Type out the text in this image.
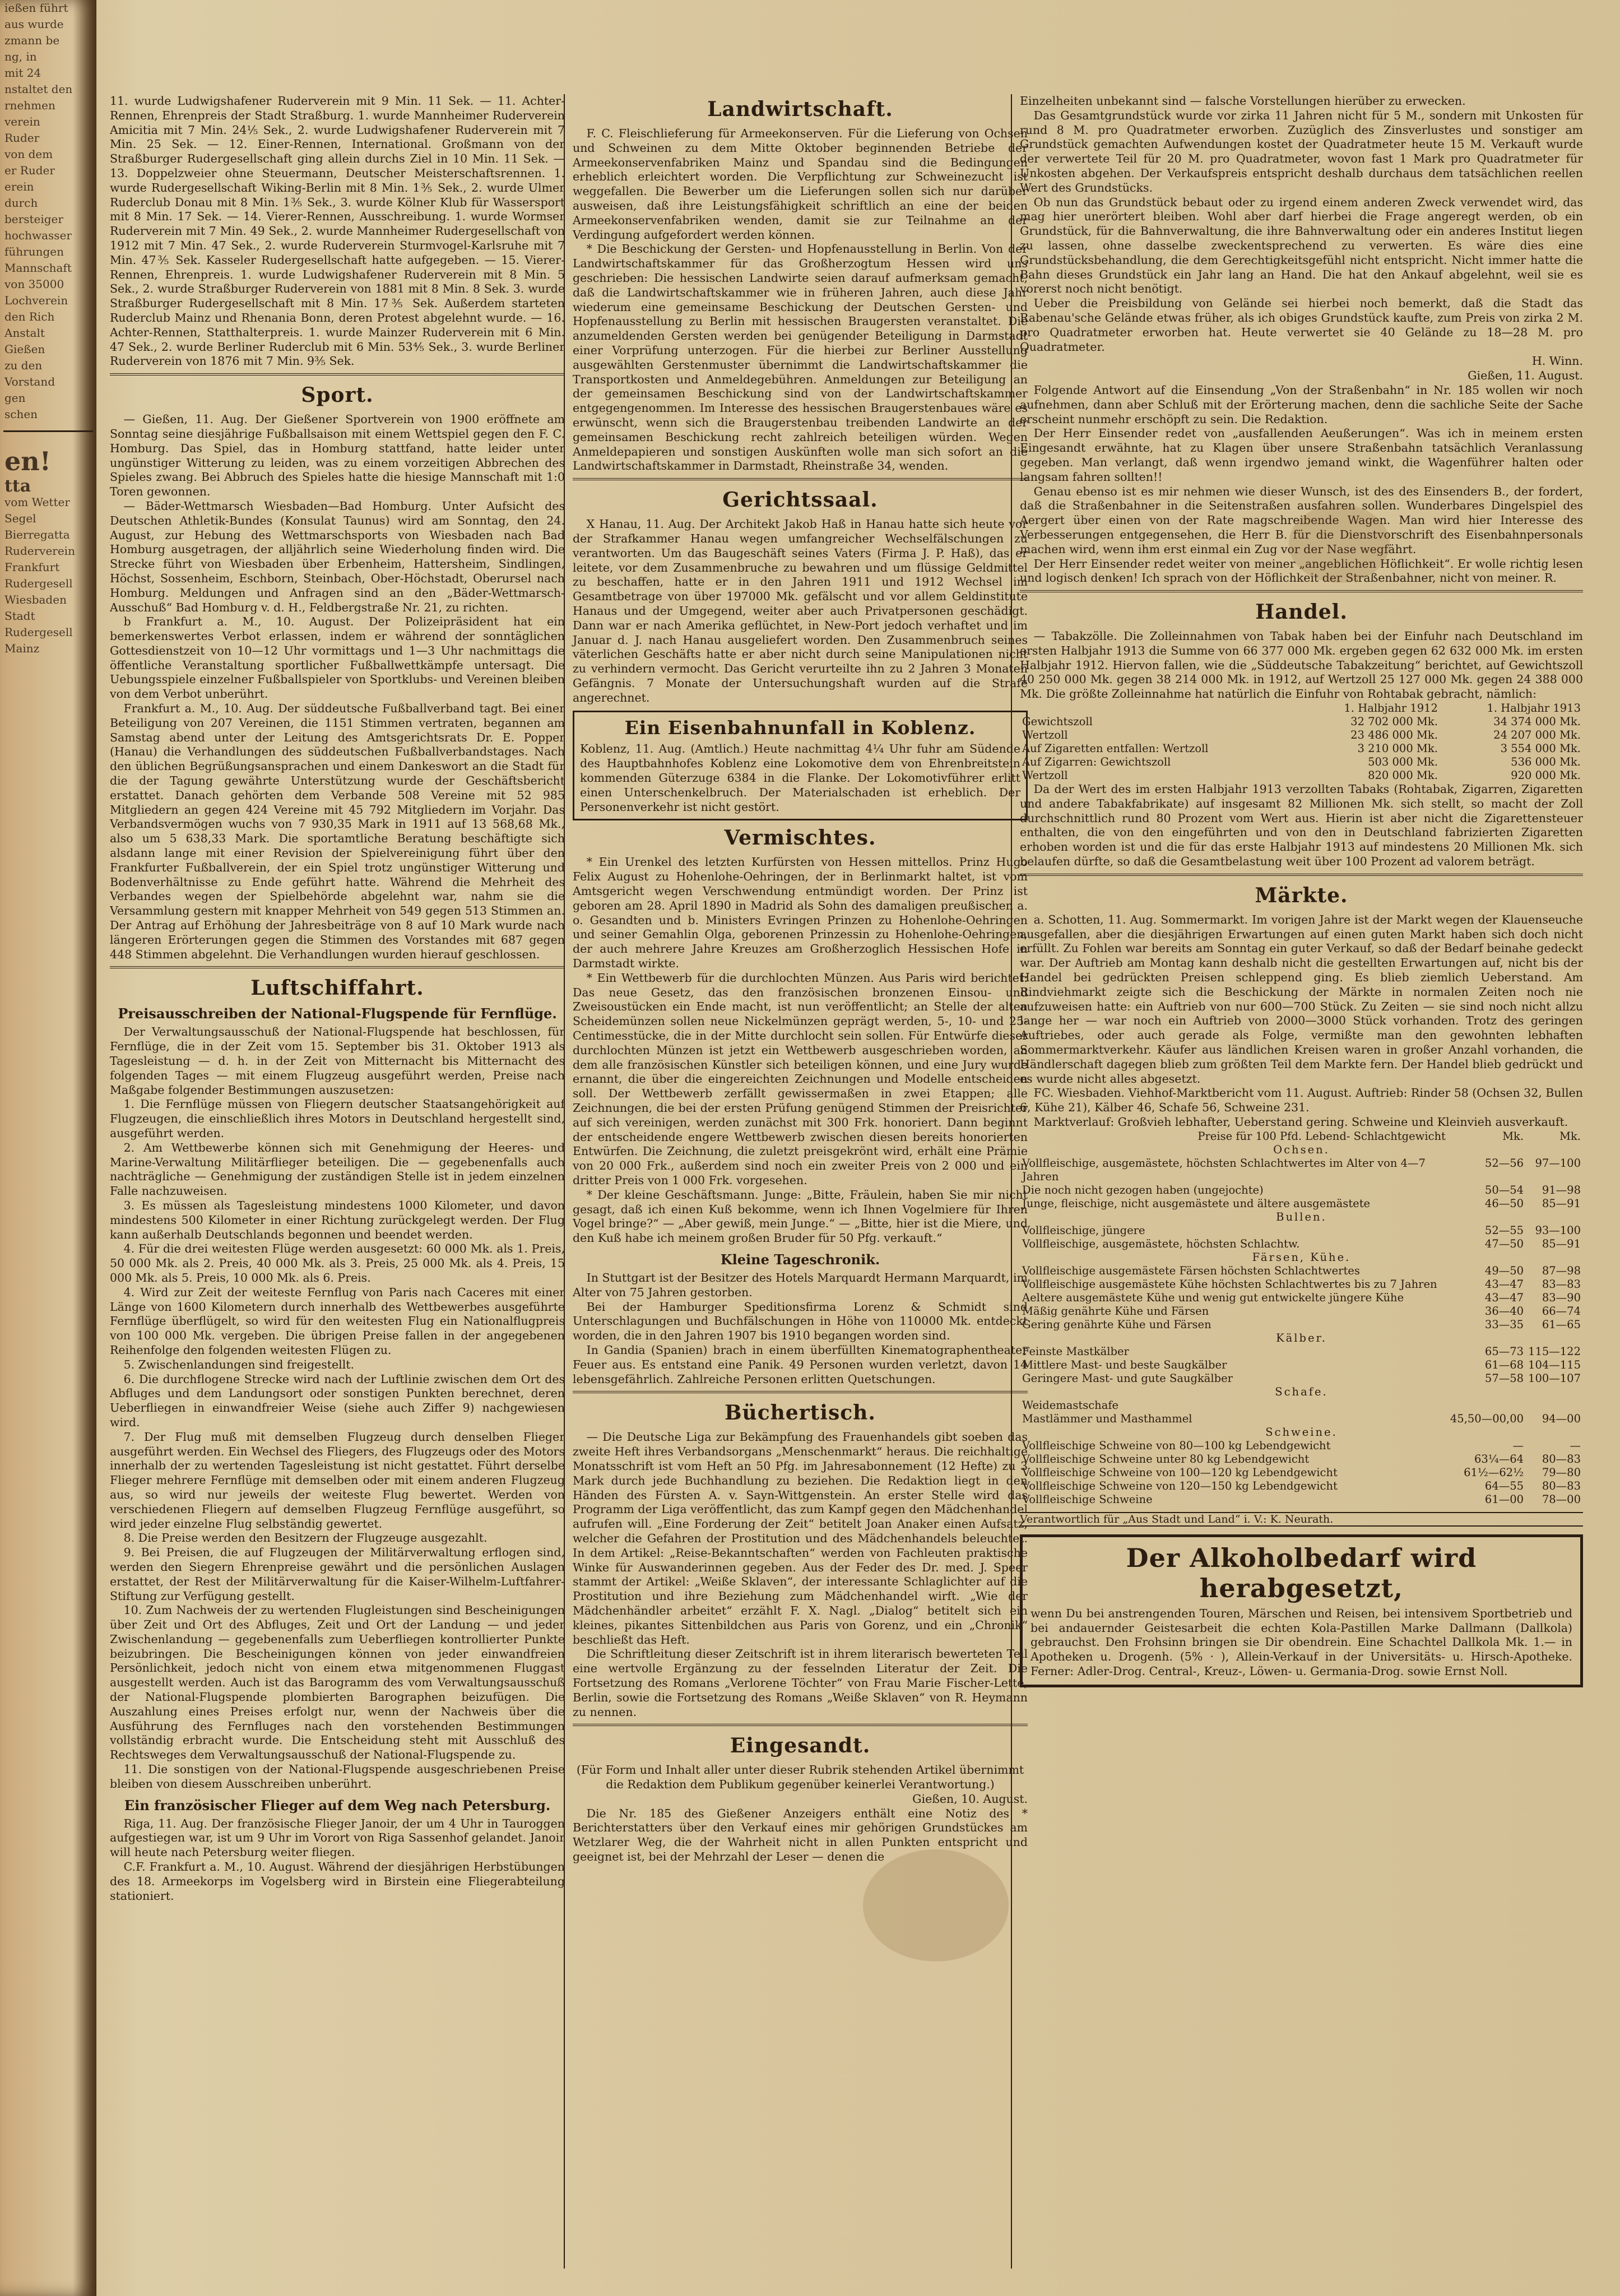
ießen führt
aus wurde
zmann be
ng, in
mit 24
nstaltet den
rnehmen
verein
Ruder
von dem
er Ruder
erein
durch
bersteiger
hochwasser
führungen
Mannschaft
von 35000
Lochverein
den Rich
Anstalt
Gießen
zu den
Vorstand
gen
schen
en!
tta
vom Wetter
Segel
Bierregatta
Ruderverein
Frankfurt
Rudergesell
Wiesbaden
Stadt
Rudergesell
Mainz

11. wurde Ludwigshafener Ruderverein mit 9 Min. 11 Sek. — 11. Achter-Rennen, Ehrenpreis der Stadt Straßburg. 1. wurde Mannheimer Ruderverein Amicitia mit 7 Min. 24⅕ Sek., 2. wurde Ludwigshafener Ruderverein mit 7 Min. 25 Sek. — 12. Einer-Rennen, International. Großmann von der Straßburger Rudergesellschaft ging allein durchs Ziel in 10 Min. 11 Sek. — 13. Doppelzweier ohne Steuermann, Deutscher Meisterschaftsrennen. 1. wurde Rudergesellschaft Wiking-Berlin mit 8 Min. 1⅗ Sek., 2. wurde Ulmer Ruderclub Donau mit 8 Min. 1⅗ Sek., 3. wurde Kölner Klub für Wassersport mit 8 Min. 17 Sek. — 14. Vierer-Rennen, Ausschreibung. 1. wurde Wormser Ruderverein mit 7 Min. 49 Sek., 2. wurde Mannheimer Rudergesellschaft von 1912 mit 7 Min. 47 Sek., 2. wurde Ruderverein Sturmvogel-Karlsruhe mit 7 Min. 47⅗ Sek. Kasseler Rudergesellschaft hatte aufgegeben. — 15. Vierer-Rennen, Ehrenpreis. 1. wurde Ludwigshafener Ruderverein mit 8 Min. 5 Sek., 2. wurde Straßburger Ruderverein von 1881 mit 8 Min. 8 Sek. 3. wurde Straßburger Rudergesellschaft mit 8 Min. 17⅗ Sek. Außerdem starteten Ruderclub Mainz und Rhenania Bonn, deren Protest abgelehnt wurde. — 16. Achter-Rennen, Statthalterpreis. 1. wurde Mainzer Ruderverein mit 6 Min. 47 Sek., 2. wurde Berliner Ruderclub mit 6 Min. 53⅘ Sek., 3. wurde Berliner Ruderverein von 1876 mit 7 Min. 9⅗ Sek.

Sport.

— Gießen, 11. Aug. Der Gießener Sportverein von 1900 eröffnete am Sonntag seine diesjährige Fußballsaison mit einem Wettspiel gegen den F. C. Homburg. Das Spiel, das in Homburg stattfand, hatte leider unter ungünstiger Witterung zu leiden, was zu einem vorzeitigen Abbrechen des Spieles zwang. Bei Abbruch des Spieles hatte die hiesige Mannschaft mit 1:0 Toren gewonnen.

— Bäder-Wettmarsch Wiesbaden—Bad Homburg. Unter Aufsicht des Deutschen Athletik-Bundes (Konsulat Taunus) wird am Sonntag, den 24. August, zur Hebung des Wettmarschsports von Wiesbaden nach Bad Homburg ausgetragen, der alljährlich seine Wiederholung finden wird. Die Strecke führt von Wiesbaden über Erbenheim, Hattersheim, Sindlingen, Höchst, Sossenheim, Eschborn, Steinbach, Ober-Höchstadt, Oberursel nach Homburg. Meldungen und Anfragen sind an den „Bäder-Wettmarsch-Ausschuß“ Bad Homburg v. d. H., Feldbergstraße Nr. 21, zu richten.

b Frankfurt a. M., 10. August. Der Polizeipräsident hat ein bemerkenswertes Verbot erlassen, indem er während der sonntäglichen Gottesdienstzeit von 10—12 Uhr vormittags und 1—3 Uhr nachmittags die öffentliche Veranstaltung sportlicher Fußballwettkämpfe untersagt. Die Uebungsspiele einzelner Fußballspieler von Sportklubs- und Vereinen bleiben von dem Verbot unberührt.

Frankfurt a. M., 10. Aug. Der süddeutsche Fußballverband tagt. Bei einer Beteiligung von 207 Vereinen, die 1151 Stimmen vertraten, begannen am Samstag abend unter der Leitung des Amtsgerichtsrats Dr. E. Popper (Hanau) die Verhandlungen des süddeutschen Fußballverbandstages. Nach den üblichen Begrüßungsansprachen und einem Dankeswort an die Stadt für die der Tagung gewährte Unterstützung wurde der Geschäftsbericht erstattet. Danach gehörten dem Verbande 508 Vereine mit 52 985 Mitgliedern an gegen 424 Vereine mit 45 792 Mitgliedern im Vorjahr. Das Verbandsvermögen wuchs von 7 930,35 Mark in 1911 auf 13 568,68 Mk., also um 5 638,33 Mark. Die sportamtliche Beratung beschäftigte sich alsdann lange mit einer Revision der Spielvereinigung führt über den Frankfurter Fußballverein, der ein Spiel trotz ungünstiger Witterung und Bodenverhältnisse zu Ende geführt hatte. Während die Mehrheit des Verbandes wegen der Spielbehörde abgelehnt war, nahm sie die Versammlung gestern mit knapper Mehrheit von 549 gegen 513 Stimmen an. Der Antrag auf Erhöhung der Jahresbeiträge von 8 auf 10 Mark wurde nach längeren Erörterungen gegen die Stimmen des Vorstandes mit 687 gegen 448 Stimmen abgelehnt. Die Verhandlungen wurden hierauf geschlossen.

Luftschiffahrt.
Preisausschreiben der National-Flugspende für Fernflüge.

Der Verwaltungsausschuß der National-Flugspende hat beschlossen, für Fernflüge, die in der Zeit vom 15. September bis 31. Oktober 1913 als Tagesleistung — d. h. in der Zeit von Mitternacht bis Mitternacht des folgenden Tages — mit einem Flugzeug ausgeführt werden, Preise nach Maßgabe folgender Bestimmungen auszusetzen:

1. Die Fernflüge müssen von Fliegern deutscher Staatsangehörigkeit auf Flugzeugen, die einschließlich ihres Motors in Deutschland hergestellt sind, ausgeführt werden.

2. Am Wettbewerbe können sich mit Genehmigung der Heeres- und Marine-Verwaltung Militärflieger beteiligen. Die — gegebenenfalls auch nachträgliche — Genehmigung der zuständigen Stelle ist in jedem einzelnen Falle nachzuweisen.

3. Es müssen als Tagesleistung mindestens 1000 Kilometer, und davon mindestens 500 Kilometer in einer Richtung zurückgelegt werden. Der Flug kann außerhalb Deutschlands begonnen und beendet werden.

4. Für die drei weitesten Flüge werden ausgesetzt: 60 000 Mk. als 1. Preis, 50 000 Mk. als 2. Preis, 40 000 Mk. als 3. Preis, 25 000 Mk. als 4. Preis, 15 000 Mk. als 5. Preis, 10 000 Mk. als 6. Preis.

4. Wird zur Zeit der weiteste Fernflug von Paris nach Caceres mit einer Länge von 1600 Kilometern durch innerhalb des Wettbewerbes ausgeführte Fernflüge überflügelt, so wird für den weitesten Flug ein Nationalflugpreis von 100 000 Mk. vergeben. Die übrigen Preise fallen in der angegebenen Reihenfolge den folgenden weitesten Flügen zu.

5. Zwischenlandungen sind freigestellt.

6. Die durchflogene Strecke wird nach der Luftlinie zwischen dem Ort des Abfluges und dem Landungsort oder sonstigen Punkten berechnet, deren Ueberfliegen in einwandfreier Weise (siehe auch Ziffer 9) nachgewiesen wird.

7. Der Flug muß mit demselben Flugzeug durch denselben Flieger ausgeführt werden. Ein Wechsel des Fliegers, des Flugzeugs oder des Motors innerhalb der zu wertenden Tagesleistung ist nicht gestattet. Führt derselbe Flieger mehrere Fernflüge mit demselben oder mit einem anderen Flugzeug aus, so wird nur jeweils der weiteste Flug bewertet. Werden von verschiedenen Fliegern auf demselben Flugzeug Fernflüge ausgeführt, so wird jeder einzelne Flug selbständig gewertet.

8. Die Preise werden den Besitzern der Flugzeuge ausgezahlt.

9. Bei Preisen, die auf Flugzeugen der Militärverwaltung erflogen sind, werden den Siegern Ehrenpreise gewährt und die persönlichen Auslagen erstattet, der Rest der Militärverwaltung für die Kaiser-Wilhelm-Luftfahrer-Stiftung zur Verfügung gestellt.

10. Zum Nachweis der zu wertenden Flugleistungen sind Bescheinigungen über Zeit und Ort des Abfluges, Zeit und Ort der Landung — und jeder Zwischenlandung — gegebenenfalls zum Ueberfliegen kontrollierter Punkte beizubringen. Die Bescheinigungen können von jeder einwandfreien Persönlichkeit, jedoch nicht von einem etwa mitgenommenen Fluggast ausgestellt werden. Auch ist das Barogramm des vom Verwaltungsausschuß der National-Flugspende plombierten Barographen beizufügen. Die Auszahlung eines Preises erfolgt nur, wenn der Nachweis über die Ausführung des Fernfluges nach den vorstehenden Bestimmungen vollständig erbracht wurde. Die Entscheidung steht mit Ausschluß des Rechtsweges dem Verwaltungsausschuß der National-Flugspende zu.

11. Die sonstigen von der National-Flugspende ausgeschriebenen Preise bleiben von diesem Ausschreiben unberührt.

Ein französischer Flieger auf dem Weg nach Petersburg.

Riga, 11. Aug. Der französische Flieger Janoir, der um 4 Uhr in Tauroggen aufgestiegen war, ist um 9 Uhr im Vorort von Riga Sassenhof gelandet. Janoir will heute nach Petersburg weiter fliegen.

C.F. Frankfurt a. M., 10. August. Während der diesjährigen Herbstübungen des 18. Armeekorps im Vogelsberg wird in Birstein eine Fliegerabteilung stationiert.

Landwirtschaft.

F. C. Fleischlieferung für Armeekonserven. Für die Lieferung von Ochsen und Schweinen zu dem Mitte Oktober beginnenden Betriebe der Armeekonservenfabriken Mainz und Spandau sind die Bedingungen erheblich erleichtert worden. Die Verpflichtung zur Schweinezucht ist weggefallen. Die Bewerber um die Lieferungen sollen sich nur darüber ausweisen, daß ihre Leistungsfähigkeit schriftlich an eine der beiden Armeekonservenfabriken wenden, damit sie zur Teilnahme an der Verdingung aufgefordert werden können.

* Die Beschickung der Gersten- und Hopfenausstellung in Berlin. Von der Landwirtschaftskammer für das Großherzogtum Hessen wird uns geschrieben: Die hessischen Landwirte seien darauf aufmerksam gemacht, daß die Landwirtschaftskammer wie in früheren Jahren, auch diese Jahr wiederum eine gemeinsame Beschickung der Deutschen Gersten- und Hopfenausstellung zu Berlin mit hessischen Braugersten veranstaltet. Die anzumeldenden Gersten werden bei genügender Beteiligung in Darmstadt einer Vorprüfung unterzogen. Für die hierbei zur Berliner Ausstellung ausgewählten Gerstenmuster übernimmt die Landwirtschaftskammer die Transportkosten und Anmeldegebühren. Anmeldungen zur Beteiligung an der gemeinsamen Beschickung sind von der Landwirtschaftskammer entgegengenommen. Im Interesse des hessischen Braugerstenbaues wäre es erwünscht, wenn sich die Braugerstenbau treibenden Landwirte an der gemeinsamen Beschickung recht zahlreich beteiligen würden. Wegen Anmeldepapieren und sonstigen Auskünften wolle man sich sofort an die Landwirtschaftskammer in Darmstadt, Rheinstraße 34, wenden.

Gerichtssaal.

X Hanau, 11. Aug. Der Architekt Jakob Haß in Hanau hatte sich heute vor der Strafkammer Hanau wegen umfangreicher Wechselfälschungen zu verantworten. Um das Baugeschäft seines Vaters (Firma J. P. Haß), das er leitete, vor dem Zusammenbruche zu bewahren und um flüssige Geldmittel zu beschaffen, hatte er in den Jahren 1911 und 1912 Wechsel im Gesamtbetrage von über 197000 Mk. gefälscht und vor allem Geldinstitute Hanaus und der Umgegend, weiter aber auch Privatpersonen geschädigt. Dann war er nach Amerika geflüchtet, in New-Port jedoch verhaftet und im Januar d. J. nach Hanau ausgeliefert worden. Den Zusammenbruch seines väterlichen Geschäfts hatte er aber nicht durch seine Manipulationen nicht zu verhindern vermocht. Das Gericht verurteilte ihn zu 2 Jahren 3 Monaten Gefängnis. 7 Monate der Untersuchungshaft wurden auf die Strafe angerechnet.

Ein Eisenbahnunfall in Koblenz.

Koblenz, 11. Aug. (Amtlich.) Heute nachmittag 4¼ Uhr fuhr am Südende des Hauptbahnhofes Koblenz eine Lokomotive dem von Ehrenbreitstein kommenden Güterzuge 6384 in die Flanke. Der Lokomotivführer erlitt einen Unterschenkelbruch. Der Materialschaden ist erheblich. Der Personenverkehr ist nicht gestört.

Vermischtes.

* Ein Urenkel des letzten Kurfürsten von Hessen mittellos. Prinz Hugo Felix August zu Hohenlohe-Oehringen, der in Berlinmarkt haltet, ist vom Amtsgericht wegen Verschwendung entmündigt worden. Der Prinz ist geboren am 28. April 1890 in Madrid als Sohn des damaligen preußischen a. o. Gesandten und b. Ministers Evringen Prinzen zu Hohenlohe-Oehringen und seiner Gemahlin Olga, geborenen Prinzessin zu Hohenlohe-Oehringen, der auch mehrere Jahre Kreuzes am Großherzoglich Hessischen Hofe in Darmstadt wirkte.

* Ein Wettbewerb für die durchlochten Münzen. Aus Paris wird berichtet: Das neue Gesetz, das den französischen bronzenen Einsou- und Zweisoustücken ein Ende macht, ist nun veröffentlicht; an Stelle der alten Scheidemünzen sollen neue Nickelmünzen geprägt werden, 5-, 10- und 25-Centimesstücke, die in der Mitte durchlocht sein sollen. Für Entwürfe dieser durchlochten Münzen ist jetzt ein Wettbewerb ausgeschrieben worden, an dem alle französischen Künstler sich beteiligen können, und eine Jury wurde ernannt, die über die eingereichten Zeichnungen und Modelle entscheiden soll. Der Wettbewerb zerfällt gewissermaßen in zwei Etappen; alle Zeichnungen, die bei der ersten Prüfung genügend Stimmen der Preisrichter auf sich vereinigen, werden zunächst mit 300 Frk. honoriert. Dann beginnt der entscheidende engere Wettbewerb zwischen diesen bereits honorierten Entwürfen. Die Zeichnung, die zuletzt preisgekrönt wird, erhält eine Prämie von 20 000 Frk., außerdem sind noch ein zweiter Preis von 2 000 und ein dritter Preis von 1 000 Frk. vorgesehen.

* Der kleine Geschäftsmann. Junge: „Bitte, Fräulein, haben Sie mir nicht gesagt, daß ich einen Kuß bekomme, wenn ich Ihnen Vogelmiere für Ihren Vogel bringe?“ — „Aber gewiß, mein Junge.“ — „Bitte, hier ist die Miere, und den Kuß habe ich meinem großen Bruder für 50 Pfg. verkauft.“

Kleine Tageschronik.

In Stuttgart ist der Besitzer des Hotels Marquardt Hermann Marquardt, im Alter von 75 Jahren gestorben.

Bei der Hamburger Speditionsfirma Lorenz & Schmidt sind Unterschlagungen und Buchfälschungen in Höhe von 110000 Mk. entdeckt worden, die in den Jahren 1907 bis 1910 begangen worden sind.

In Gandia (Spanien) brach in einem überfüllten Kinematographentheater Feuer aus. Es entstand eine Panik. 49 Personen wurden verletzt, davon 14 lebensgefährlich. Zahlreiche Personen erlitten Quetschungen.

Büchertisch.

— Die Deutsche Liga zur Bekämpfung des Frauenhandels gibt soeben das zweite Heft ihres Verbandsorgans „Menschenmarkt“ heraus. Die reichhaltige Monatsschrift ist vom Heft an 50 Pfg. im Jahresabonnement (12 Hefte) zu 3 Mark durch jede Buchhandlung zu beziehen. Die Redaktion liegt in den Händen des Fürsten A. v. Sayn-Wittgenstein. An erster Stelle wird das Programm der Liga veröffentlicht, das zum Kampf gegen den Mädchenhandel aufrufen will. „Eine Forderung der Zeit“ betitelt Joan Anaker einen Aufsatz, welcher die Gefahren der Prostitution und des Mädchenhandels beleuchtet. In dem Artikel: „Reise-Bekanntschaften“ werden von Fachleuten praktische Winke für Auswanderinnen gegeben. Aus der Feder des Dr. med. J. Speer stammt der Artikel: „Weiße Sklaven“, der interessante Schlaglichter auf die Prostitution und ihre Beziehung zum Mädchenhandel wirft. „Wie der Mädchenhändler arbeitet“ erzählt F. X. Nagl. „Dialog“ betitelt sich ein kleines, pikantes Sittenbildchen aus Paris von Gorenz, und ein „Chronik“ beschließt das Heft.

Die Schriftleitung dieser Zeitschrift ist in ihrem literarisch bewerteten Teil eine wertvolle Ergänzung zu der fesselnden Literatur der Zeit. Die Fortsetzung des Romans „Verlorene Töchter“ von Frau Marie Fischer-Lette, Berlin, sowie die Fortsetzung des Romans „Weiße Sklaven“ von R. Heymann zu nennen.

Eingesandt.

(Für Form und Inhalt aller unter dieser Rubrik stehenden Artikel übernimmt die Redaktion dem Publikum gegenüber keinerlei Verantwortung.)

Gießen, 10. August.

Die Nr. 185 des Gießener Anzeigers enthält eine Notiz des * Berichterstatters über den Verkauf eines mir gehörigen Grundstückes am Wetzlarer Weg, die der Wahrheit nicht in allen Punkten entspricht und geeignet ist, bei der Mehrzahl der Leser — denen die

Einzelheiten unbekannt sind — falsche Vorstellungen hierüber zu erwecken.

Das Gesamtgrundstück wurde vor zirka 11 Jahren nicht für 5 M., sondern mit Unkosten für rund 8 M. pro Quadratmeter erworben. Zuzüglich des Zinsverlustes und sonstiger am Grundstück gemachten Aufwendungen kostet der Quadratmeter heute 15 M. Verkauft wurde der verwertete Teil für 20 M. pro Quadratmeter, wovon fast 1 Mark pro Quadratmeter für Unkosten abgehen. Der Verkaufspreis entspricht deshalb durchaus dem tatsächlichen reellen Wert des Grundstücks.

Ob nun das Grundstück bebaut oder zu irgend einem anderen Zweck verwendet wird, das mag hier unerörtert bleiben. Wohl aber darf hierbei die Frage angeregt werden, ob ein Grundstück, für die Bahnverwaltung, die ihre Bahnverwaltung oder ein anderes Institut liegen zu lassen, ohne dasselbe zweckentsprechend zu verwerten. Es wäre dies eine Grundstücksbehandlung, die dem Gerechtigkeitsgefühl nicht entspricht. Nicht immer hatte die Bahn dieses Grundstück ein Jahr lang an Hand. Die hat den Ankauf abgelehnt, weil sie es vorerst noch nicht benötigt.

Ueber die Preisbildung von Gelände sei hierbei noch bemerkt, daß die Stadt das Rabenau'sche Gelände etwas früher, als ich obiges Grundstück kaufte, zum Preis von zirka 2 M. pro Quadratmeter erworben hat. Heute verwertet sie 40 Gelände zu 18—28 M. pro Quadratmeter.

H. Winn.

Gießen, 11. August.

Folgende Antwort auf die Einsendung „Von der Straßenbahn“ in Nr. 185 wollen wir noch aufnehmen, dann aber Schluß mit der Erörterung machen, denn die sachliche Seite der Sache erscheint nunmehr erschöpft zu sein. Die Redaktion.

Der Herr Einsender redet von „ausfallenden Aeußerungen“. Was ich in meinem ersten Eingesandt erwähnte, hat zu Klagen über unsere Straßenbahn tatsächlich Veranlassung gegeben. Man verlangt, daß wenn irgendwo jemand winkt, die Wagenführer halten oder langsam fahren sollten!!

Genau ebenso ist es mir nehmen wie dieser Wunsch, ist des des Einsenders B., der fordert, daß die Straßenbahner in die Seitenstraßen ausfahren sollen. Wunderbares Dingelspiel des Aergert über einen von der Rate magschreibende Wagen. Man wird hier Interesse des Verbesserungen entgegensehen, die Herr B. für die Dienstvorschrift des Eisenbahnpersonals machen wird, wenn ihm erst einmal ein Zug vor der Nase wegfährt.

Der Herr Einsender redet weiter von meiner „angeblichen Höflichkeit“. Er wolle richtig lesen und logisch denken! Ich sprach von der Höflichkeit der Straßenbahner, nicht von meiner. R.

Handel.

— Tabakzölle. Die Zolleinnahmen von Tabak haben bei der Einfuhr nach Deutschland im ersten Halbjahr 1913 die Summe von 66 377 000 Mk. ergeben gegen 62 632 000 Mk. im ersten Halbjahr 1912. Hiervon fallen, wie die „Süddeutsche Tabakzeitung“ berichtet, auf Gewichtszoll 40 250 000 Mk. gegen 38 214 000 Mk. in 1912, auf Wertzoll 25 127 000 Mk. gegen 24 388 000 Mk. Die größte Zolleinnahme hat natürlich die Einfuhr von Rohtabak gebracht, nämlich:

	1. Halbjahr 1912	1. Halbjahr 1913
Gewichtszoll	32 702 000 Mk.	34 374 000 Mk.
Wertzoll	23 486 000 Mk.	24 207 000 Mk.
Auf Zigaretten entfallen: Wertzoll	3 210 000 Mk.	3 554 000 Mk.
Auf Zigarren: Gewichtszoll	503 000 Mk.	536 000 Mk.
Wertzoll	820 000 Mk.	920 000 Mk.

Da der Wert des im ersten Halbjahr 1913 verzollten Tabaks (Rohtabak, Zigarren, Zigaretten und andere Tabakfabrikate) auf insgesamt 82 Millionen Mk. sich stellt, so macht der Zoll durchschnittlich rund 80 Prozent vom Wert aus. Hierin ist aber nicht die Zigarettensteuer enthalten, die von den eingeführten und von den in Deutschland fabrizierten Zigaretten erhoben worden ist und die für das erste Halbjahr 1913 auf mindestens 20 Millionen Mk. sich belaufen dürfte, so daß die Gesamtbelastung weit über 100 Prozent ad valorem beträgt.

Märkte.

a. Schotten, 11. Aug. Sommermarkt. Im vorigen Jahre ist der Markt wegen der Klauenseuche ausgefallen, aber die diesjährigen Erwartungen auf einen guten Markt haben sich doch nicht erfüllt. Zu Fohlen war bereits am Sonntag ein guter Verkauf, so daß der Bedarf beinahe gedeckt war. Der Auftrieb am Montag kann deshalb nicht die gestellten Erwartungen auf, nicht bis der Handel bei gedrückten Preisen schleppend ging. Es blieb ziemlich Ueberstand. Am Rindviehmarkt zeigte sich die Beschickung der Märkte in normalen Zeiten noch nie aufzuweisen hatte: ein Auftrieb von nur 600—700 Stück. Zu Zeiten — sie sind noch nicht allzu lange her — war noch ein Auftrieb von 2000—3000 Stück vorhanden. Trotz des geringen Auftriebes, oder auch gerade als Folge, vermißte man den gewohnten lebhaften Sommermarktverkehr. Käufer aus ländlichen Kreisen waren in großer Anzahl vorhanden, die Händlerschaft dagegen blieb zum größten Teil dem Markte fern. Der Handel blieb gedrückt und es wurde nicht alles abgesetzt.

FC. Wiesbaden. Viehhof-Marktbericht vom 11. August. Auftrieb: Rinder 58 (Ochsen 32, Bullen 6, Kühe 21), Kälber 46, Schafe 56, Schweine 231.

Marktverlauf: Großvieh lebhafter, Ueberstand gering. Schweine und Kleinvieh ausverkauft.

Preise für 100 Pfd. Lebend- Schlachtgewicht	Mk.	Mk.
Ochsen.		
Vollfleischige, ausgemästete, höchsten Schlachtwertes im Alter von 4—7 Jahren	52—56	97—100
Die noch nicht gezogen haben (ungejochte)	50—54	91—98
Junge, fleischige, nicht ausgemästete und ältere ausgemästete	46—50	85—91
Bullen.		
Vollfleischige, jüngere	52—55	93—100
Vollfleischige, ausgemästete, höchsten Schlachtw.	47—50	85—91
Färsen, Kühe.		
Vollfleischige ausgemästete Färsen höchsten Schlachtwertes	49—50	87—98
Vollfleischige ausgemästete Kühe höchsten Schlachtwertes bis zu 7 Jahren	43—47	83—83
Aeltere ausgemästete Kühe und wenig gut entwickelte jüngere Kühe	43—47	83—90
Mäßig genährte Kühe und Färsen	36—40	66—74
Gering genährte Kühe und Färsen	33—35	61—65
Kälber.		
Feinste Mastkälber	65—73	115—122
Mittlere Mast- und beste Saugkälber	61—68	104—115
Geringere Mast- und gute Saugkälber	57—58	100—107
Schafe.		
Weidemastschafe		
Mastlämmer und Masthammel	45,50—00,00	94—00
Schweine.		
Vollfleischige Schweine von 80—100 kg Lebendgewicht	—	—
Vollfleischige Schweine unter 80 kg Lebendgewicht	63¼—64	80—83
Vollfleischige Schweine von 100—120 kg Lebendgewicht	61½—62½	79—80
Vollfleischige Schweine von 120—150 kg Lebendgewicht	64—55	80—83
Vollfleischige Schweine	61—00	78—00
Verantwortlich für „Aus Stadt und Land“ i. V.: K. Neurath.
Der Alkoholbedarf wird herabgesetzt,

wenn Du bei anstrengenden Touren, Märschen und Reisen, bei intensivem Sportbetrieb und bei andauernder Geistesarbeit die echten Kola-Pastillen Marke Dallmann (Dallkola) gebrauchst. Den Frohsinn bringen sie Dir obendrein. Eine Schachtel Dallkola Mk. 1.— in Apotheken u. Drogenh. (5% · ), Allein-Verkauf in der Universitäts- u. Hirsch-Apotheke. Ferner: Adler-Drog. Central-, Kreuz-, Löwen- u. Germania-Drog. sowie Ernst Noll.
